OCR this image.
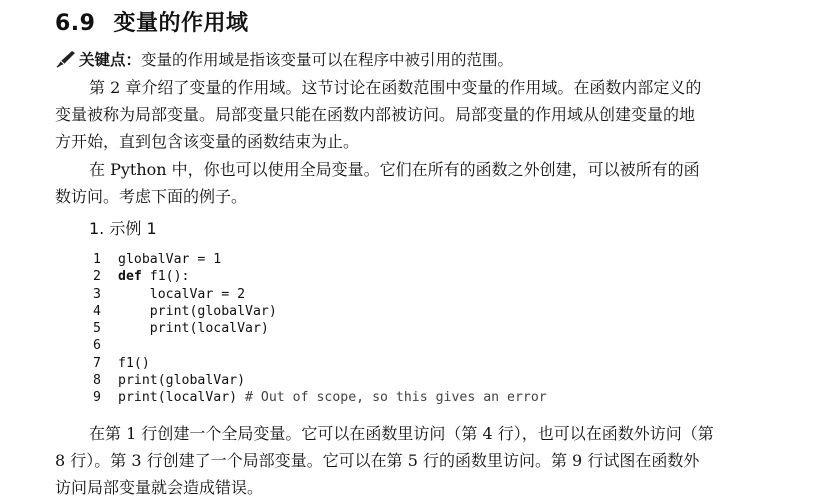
6.9 变量的作用域
关键点：变量的作用域是指该变量可以在程序中被引用的范围。
第 2 章介绍了变量的作用域。这节讨论在函数范围中变量的作用域。在函数内部定义的
变量被称为局部变量。局部变量只能在函数内部被访问。局部变量的作用域从创建变量的地
方开始，直到包含该变量的函数结束为止。
在 Python 中，你也可以使用全局变量。它们在所有的函数之外创建，可以被所有的函
数访问。考虑下面的例子。
1. 示例 1
1 globalVar = 1
2 def f1():
3	localVar = 2
4	print(globalVar)
5	print(localVar)
6
7 f1()
8 print(globalVar)
9 print(localVar) # Out of scope, so this gives an error
在第 1 行创建一个全局变量。它可以在函数里访问（第 4 行），也可以在函数外访问（第
8 行）。第 3 行创建了一个局部变量。它可以在第 5 行的函数里访问。第 9 行试图在函数外
访问局部变量就会造成错误。
